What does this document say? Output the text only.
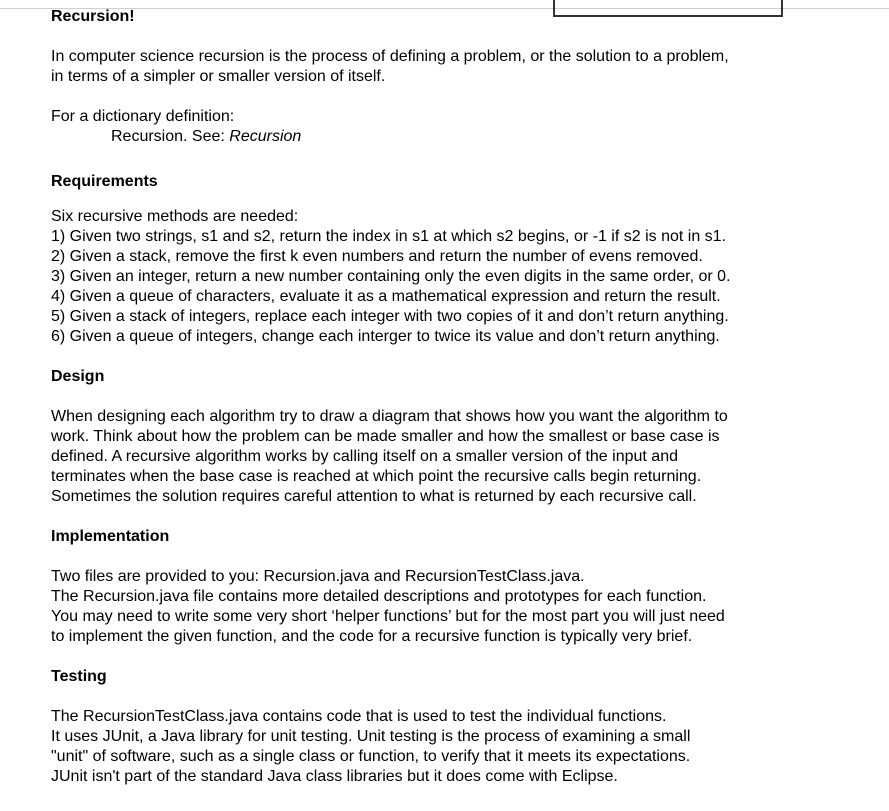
Recursion!
In computer science recursion is the process of defining a problem, or the solution to a problem,
in terms of a simpler or smaller version of itself.
For a dictionary definition:
Recursion. See: Recursion
Requirements
Six recursive methods are needed:
1) Given two strings, s1 and s2, return the index in s1 at which s2 begins, or -1 if s2 is not in s1.
2) Given a stack, remove the first k even numbers and return the number of evens removed.
3) Given an integer, return a new number containing only the even digits in the same order, or 0.
4) Given a queue of characters, evaluate it as a mathematical expression and return the result.
5) Given a stack of integers, replace each integer with two copies of it and don’t return anything.
6) Given a queue of integers, change each interger to twice its value and don’t return anything.
Design
When designing each algorithm try to draw a diagram that shows how you want the algorithm to
work. Think about how the problem can be made smaller and how the smallest or base case is
defined. A recursive algorithm works by calling itself on a smaller version of the input and
terminates when the base case is reached at which point the recursive calls begin returning.
Sometimes the solution requires careful attention to what is returned by each recursive call.
Implementation
Two files are provided to you: Recursion.java and RecursionTestClass.java.
The Recursion.java file contains more detailed descriptions and prototypes for each function.
You may need to write some very short ‘helper functions’ but for the most part you will just need
to implement the given function, and the code for a recursive function is typically very brief.
Testing
The RecursionTestClass.java contains code that is used to test the individual functions.
It uses JUnit, a Java library for unit testing. Unit testing is the process of examining a small
"unit" of software, such as a single class or function, to verify that it meets its expectations.
JUnit isn't part of the standard Java class libraries but it does come with Eclipse.
